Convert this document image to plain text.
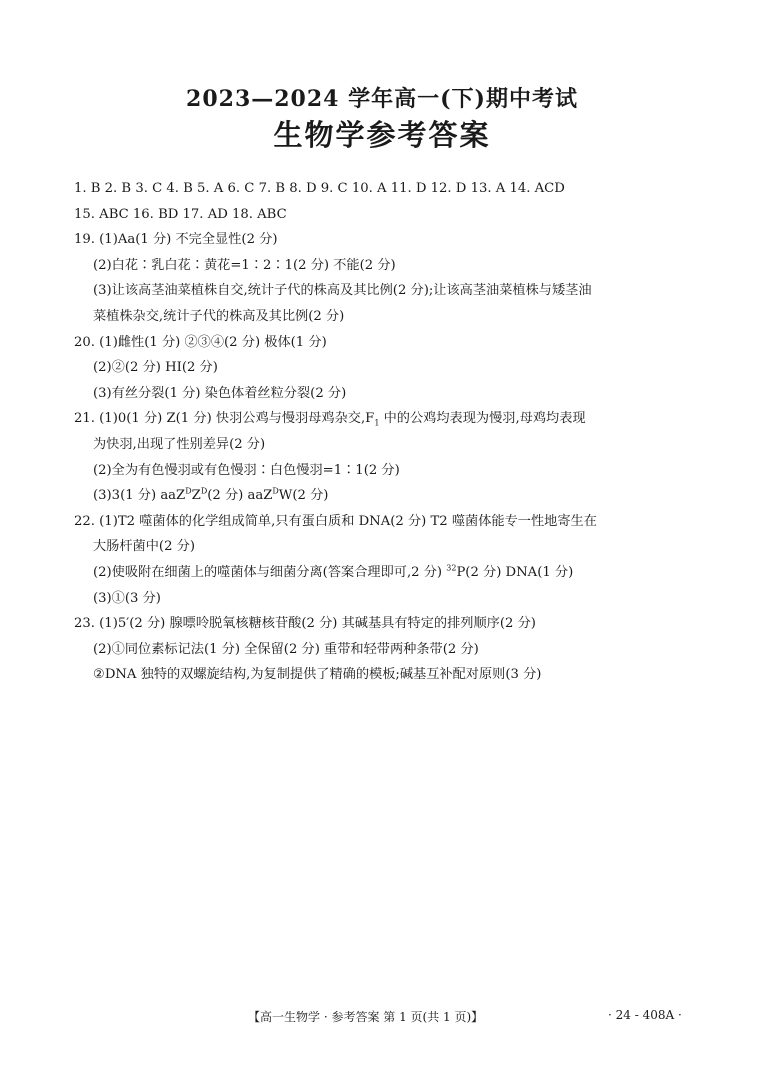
2023—2024 学年高一(下)期中考试
生物学参考答案
1. B 2. B 3. C 4. B 5. A 6. C 7. B 8. D 9. C 10. A 11. D 12. D 13. A 14. ACD
15. ABC 16. BD 17. AD 18. ABC
19. (1)Aa(1 分) 不完全显性(2 分)
(2)白花∶乳白花∶黄花=1∶2∶1(2 分) 不能(2 分)
(3)让该高茎油菜植株自交,统计子代的株高及其比例(2 分);让该高茎油菜植株与矮茎油
菜植株杂交,统计子代的株高及其比例(2 分)
20. (1)雌性(1 分) ②③④(2 分) 极体(1 分)
(2)②(2 分) HI(2 分)
(3)有丝分裂(1 分) 染色体着丝粒分裂(2 分)
21. (1)0(1 分) Z(1 分) 快羽公鸡与慢羽母鸡杂交$,F_1$ 中的公鸡均表现为慢羽,母鸡均表现
为快羽,出现了性别差异(2 分)
(2)全为有色慢羽或有色慢羽∶白色慢羽=1∶1(2 分)
(3)3(1 分) $aaZ^DZ^D(2$ 分) aaZ$^D$W(2 分)
22. (1)T2 噬菌体的化学组成简单,只有蛋白质和 DNA(2 分) T2 噬菌体能专一性地寄生在
大肠杆菌中(2 分)
(2)使吸附在细菌上的噬菌体与细菌分离(答案合理即可,2 分) $^{32}$P(2 分) DNA(1 分)
(3)①(3 分)
23. (1)5′(2 分) 腺嘌呤脱氧核糖核苷酸(2 分) 其碱基具有特定的排列顺序(2 分)
(2)①同位素标记法(1 分) 全保留(2 分) 重带和轻带两种条带(2 分)
②DNA 独特的双螺旋结构,为复制提供了精确的模板;碱基互补配对原则(3 分)
【高一生物学 · 参考答案 第 1 页(共 1 页)】	· 24 - 408A ·
